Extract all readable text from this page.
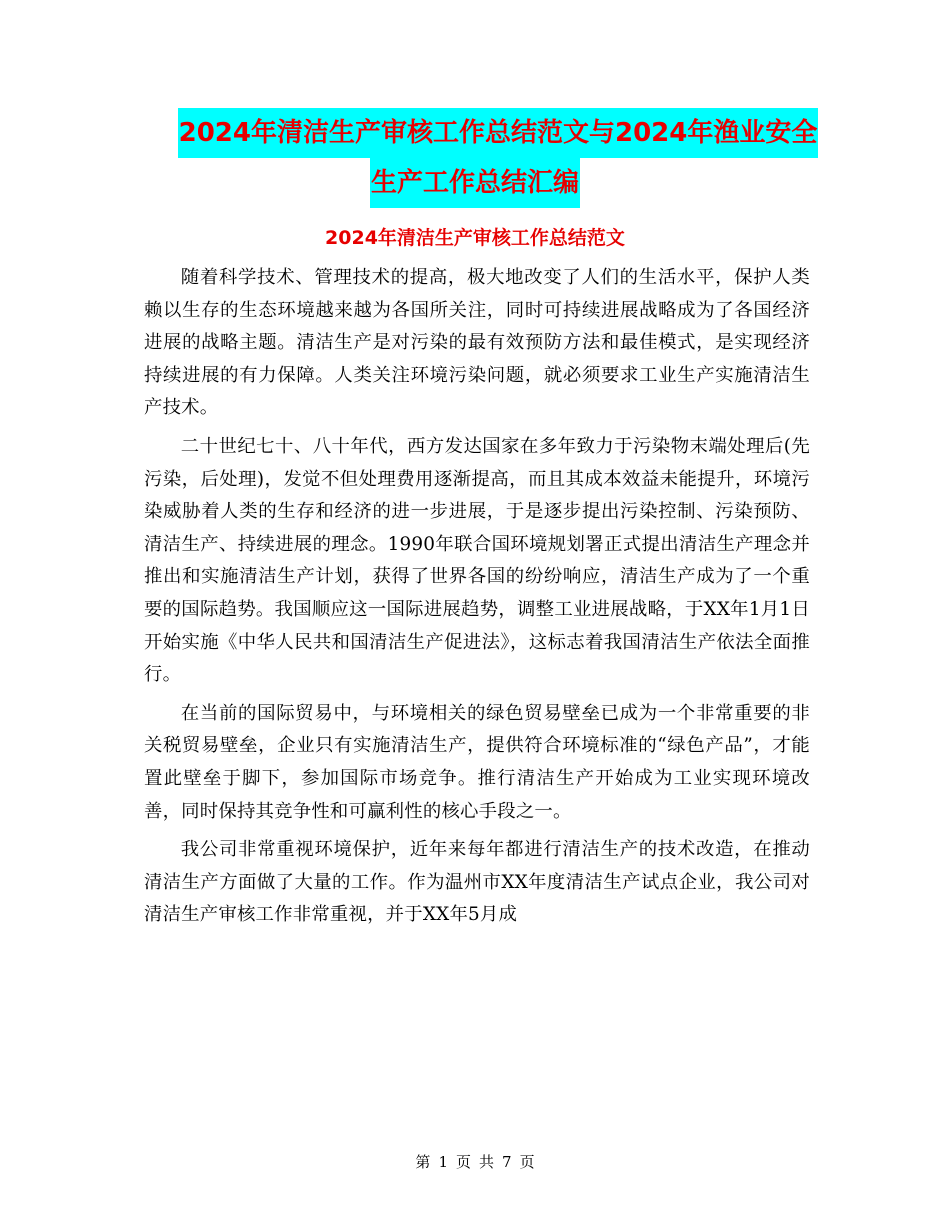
2024年清洁生产审核工作总结范文与2024年渔业安全
生产工作总结汇编
2024年清洁生产审核工作总结范文

随着科学技术、管理技术的提高，极大地改变了人们的生活水平，保护人类赖以生存的生态环境越来越为各国所关注，同时可持续进展战略成为了各国经济进展的战略主题。清洁生产是对污染的最有效预防方法和最佳模式，是实现经济持续进展的有力保障。人类关注环境污染问题，就必须要求工业生产实施清洁生产技术。

二十世纪七十、八十年代，西方发达国家在多年致力于污染物末端处理后(先污染，后处理)，发觉不但处理费用逐渐提高，而且其成本效益未能提升，环境污染威胁着人类的生存和经济的进一步进展，于是逐步提出污染控制、污染预防、清洁生产、持续进展的理念。1990年联合国环境规划署正式提出清洁生产理念并推出和实施清洁生产计划，获得了世界各国的纷纷响应，清洁生产成为了一个重要的国际趋势。我国顺应这一国际进展趋势，调整工业进展战略，于XX年1月1日开始实施《中华人民共和国清洁生产促进法》，这标志着我国清洁生产依法全面推行。

在当前的国际贸易中，与环境相关的绿色贸易壁垒已成为一个非常重要的非关税贸易壁垒，企业只有实施清洁生产，提供符合环境标准的“绿色产品”，才能置此壁垒于脚下，参加国际市场竞争。推行清洁生产开始成为工业实现环境改善，同时保持其竞争性和可赢利性的核心手段之一。

我公司非常重视环境保护，近年来每年都进行清洁生产的技术改造，在推动清洁生产方面做了大量的工作。作为温州市XX年度清洁生产试点企业，我公司对清洁生产审核工作非常重视，并于XX年5月成

第 1 页 共 7 页
